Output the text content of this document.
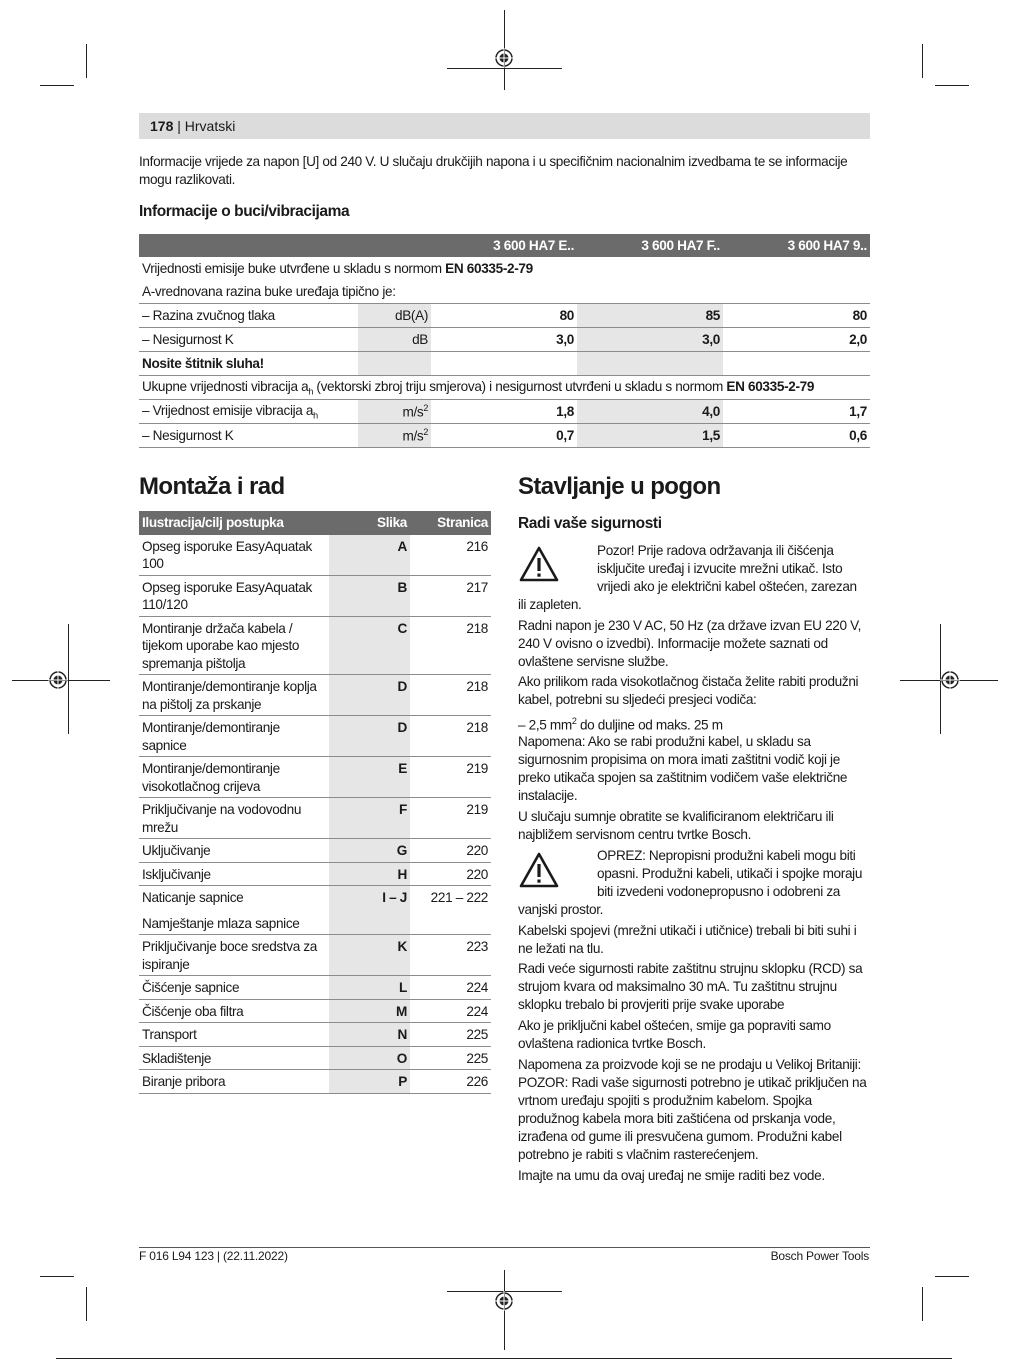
178 | Hrvatski
Informacije vrijede za napon [U] od 240 V. U slučaju drukčijih napona i u specifičnim nacionalnim izvedbama te se informacije mogu razlikovati.
Informacije o buci/vibracijama
		3 600 HA7 E..	3 600 HA7 F..	3 600 HA7 9..
Vrijednosti emisije buke utvrđene u skladu s normom EN 60335-2-79				
A-vrednovana razina buke uređaja tipično je:				
– Razina zvučnog tlaka	dB(A)	80	85	80
– Nesigurnost K	dB	3,0	3,0	2,0
Nosite štitnik sluha!				
Ukupne vrijednosti vibracija $a_h$ (vektorski zbroj triju smjerova) i nesigurnost utvrđeni u skladu s normom EN 60335-2-79				
– Vrijednost emisije vibracija $a_h$	$m/s^2$	1,8	4,0	1,7
– Nesigurnost K	$m/s^2$	0,7	1,5	0,6
Montaža i rad
Ilustracija/cilj postupka	Slika	Stranica
Opseg isporuke EasyAquatak 100	A	216
Opseg isporuke EasyAquatak 110/120	B	217
Montiranje držača kabela / tijekom uporabe kao mjesto spremanja pištolja	C	218
Montiranje/demontiranje koplja na pištolj za prskanje	D	218
Montiranje/demontiranje sapnice	D	218
Montiranje/demontiranje visokotlačnog crijeva	E	219
Priključivanje na vodovodnu mrežu	F	219
Uključivanje	G	220
Isključivanje	H	220

Naticanje sapnice
Namještanje mlaza sapnice	I – J	221 – 222
Priključivanje boce sredstva za ispiranje	K	223
Čišćenje sapnice	L	224
Čišćenje oba filtra	M	224
Transport	N	225
Skladištenje	O	225
Biranje pribora	P	226
Stavljanje u pogon
Radi vaše sigurnosti
Pozor! Prije radova održavanja ili čišćenja
isključite uređaj i izvucite mrežni utikač. Isto
vrijedi ako je električni kabel oštećen, zarezan
ili zapleten.
Radni napon je 230 V AC, 50 Hz (za države izvan EU 220 V, 240 V ovisno o izvedbi). Informacije možete saznati od ovlaštene servisne službe.
Ako prilikom rada visokotlačnog čistača želite rabiti produžni kabel, potrebni su sljedeći presjeci vodiča:
– 2,5 $mm^2$ do duljine od maks. 25 m
Napomena: Ako se rabi produžni kabel, u skladu sa sigurnosnim propisima on mora imati zaštitni vodič koji je preko utikača spojen sa zaštitnim vodičem vaše električne instalacije.
U slučaju sumnje obratite se kvalificiranom električaru ili najbližem servisnom centru tvrtke Bosch.
OPREZ: Nepropisni produžni kabeli mogu biti
opasni. Produžni kabeli, utikači i spojke moraju
biti izvedeni vodonepropusno i odobreni za
vanjski prostor.
Kabelski spojevi (mrežni utikači i utičnice) trebali bi biti suhi i ne ležati na tlu.
Radi veće sigurnosti rabite zaštitnu strujnu sklopku (RCD) sa strujom kvara od maksimalno 30 mA. Tu zaštitnu strujnu sklopku trebalo bi provjeriti prije svake uporabe
Ako je priključni kabel oštećen, smije ga popraviti samo ovlaštena radionica tvrtke Bosch.
Napomena za proizvode koji se ne prodaju u Velikoj Britaniji: POZOR: Radi vaše sigurnosti potrebno je utikač priključen na vrtnom uređaju spojiti s produžnim kabelom. Spojka produžnog kabela mora biti zaštićena od prskanja vode, izrađena od gume ili presvučena gumom. Produžni kabel potrebno je rabiti s vlačnim rasterećenjem.
Imajte na umu da ovaj uređaj ne smije raditi bez vode.
F 016 L94 123 | (22.11.2022)	Bosch Power Tools
